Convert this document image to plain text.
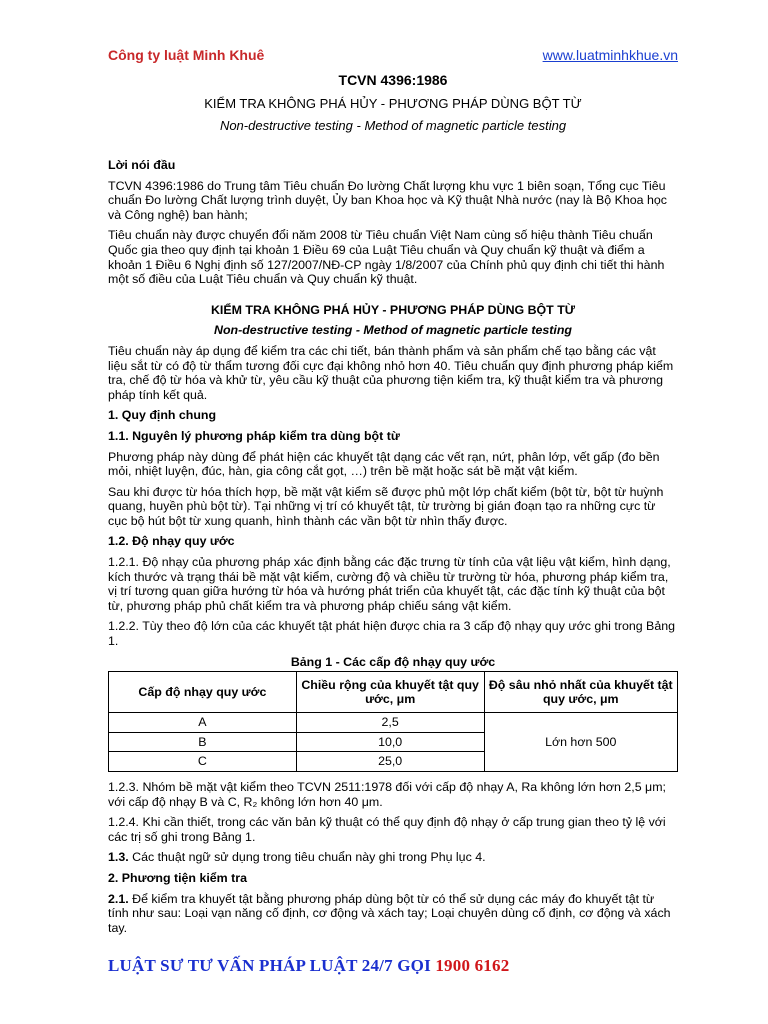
Công ty luật Minh Khuê	www.luatminhkhue.vn
TCVN 4396:1986
KIỂM TRA KHÔNG PHÁ HỦY - PHƯƠNG PHÁP DÙNG BỘT TỪ
Non-destructive testing - Method of magnetic particle testing

Lời nói đầu

TCVN 4396:1986 do Trung tâm Tiêu chuẩn Đo lường Chất lượng khu vực 1 biên soạn, Tổng cục Tiêu chuẩn Đo lường Chất lượng trình duyệt, Ủy ban Khoa học và Kỹ thuật Nhà nước (nay là Bộ Khoa học và Công nghệ) ban hành;

Tiêu chuẩn này được chuyển đổi năm 2008 từ Tiêu chuẩn Việt Nam cùng số hiệu thành Tiêu chuẩn Quốc gia theo quy định tại khoản 1 Điều 69 của Luật Tiêu chuẩn và Quy chuẩn kỹ thuật và điểm a khoản 1 Điều 6 Nghị định số 127/2007/NĐ-CP ngày 1/8/2007 của Chính phủ quy định chi tiết thi hành một số điều của Luật Tiêu chuẩn và Quy chuẩn kỹ thuật.

KIỂM TRA KHÔNG PHÁ HỦY - PHƯƠNG PHÁP DÙNG BỘT TỪ

Non-destructive testing - Method of magnetic particle testing

Tiêu chuẩn này áp dụng để kiểm tra các chi tiết, bán thành phẩm và sản phẩm chế tạo bằng các vật liệu sắt từ có độ từ thẩm tương đối cực đại không nhỏ hơn 40. Tiêu chuẩn quy định phương pháp kiểm tra, chế độ từ hóa và khử từ, yêu cầu kỹ thuật của phương tiện kiểm tra, kỹ thuật kiểm tra và phương pháp tính kết quả.

1. Quy định chung

1.1. Nguyên lý phương pháp kiểm tra dùng bột từ

Phương pháp này dùng để phát hiện các khuyết tật dạng các vết rạn, nứt, phân lớp, vết gấp (đo bền mỏi, nhiệt luyện, đúc, hàn, gia công cắt gọt, …) trên bề mặt hoặc sát bề mặt vật kiểm.

Sau khi được từ hóa thích hợp, bề mặt vật kiểm sẽ được phủ một lớp chất kiểm (bột từ, bột từ huỳnh quang, huyền phù bột từ). Tại những vị trí có khuyết tật, từ trường bị gián đoạn tạo ra những cực từ cục bộ hút bột từ xung quanh, hình thành các vần bột từ nhìn thấy được.

1.2. Độ nhạy quy ước

1.2.1. Độ nhạy của phương pháp xác định bằng các đặc trưng từ tính của vật liệu vật kiểm, hình dạng, kích thước và trạng thái bề mặt vật kiểm, cường độ và chiều từ trường từ hóa, phương pháp kiểm tra, vị trí tương quan giữa hướng từ hóa và hướng phát triển của khuyết tật, các đặc tính kỹ thuật của bột từ, phương pháp phủ chất kiểm tra và phương pháp chiếu sáng vật kiểm.

1.2.2. Tùy theo độ lớn của các khuyết tật phát hiện được chia ra 3 cấp độ nhạy quy ước ghi trong Bảng 1.

Bảng 1 - Các cấp độ nhạy quy ước

Cấp độ nhạy quy ước	Chiều rộng của khuyết tật quy ước, μm	Độ sâu nhỏ nhất của khuyết tật quy ước, μm
A	2,5	Lớn hơn 500
B	10,0	
C	25,0	

1.2.3. Nhóm bề mặt vật kiểm theo TCVN 2511:1978 đối với cấp độ nhạy A, Ra không lớn hơn 2,5 μm; với cấp độ nhạy B và C, R₂ không lớn hơn 40 μm.

1.2.4. Khi cần thiết, trong các văn bản kỹ thuật có thể quy định độ nhạy ở cấp trung gian theo tỷ lệ với các trị số ghi trong Bảng 1.

1.3. Các thuật ngữ sử dụng trong tiêu chuẩn này ghi trong Phụ lục 4.

2. Phương tiện kiểm tra

2.1. Để kiểm tra khuyết tật bằng phương pháp dùng bột từ có thể sử dụng các máy đo khuyết tật từ tính như sau: Loại vạn năng cố định, cơ động và xách tay; Loại chuyên dùng cố định, cơ động và xách tay.

LUẬT SƯ TƯ VẤN PHÁP LUẬT 24/7 GỌI 1900 6162
